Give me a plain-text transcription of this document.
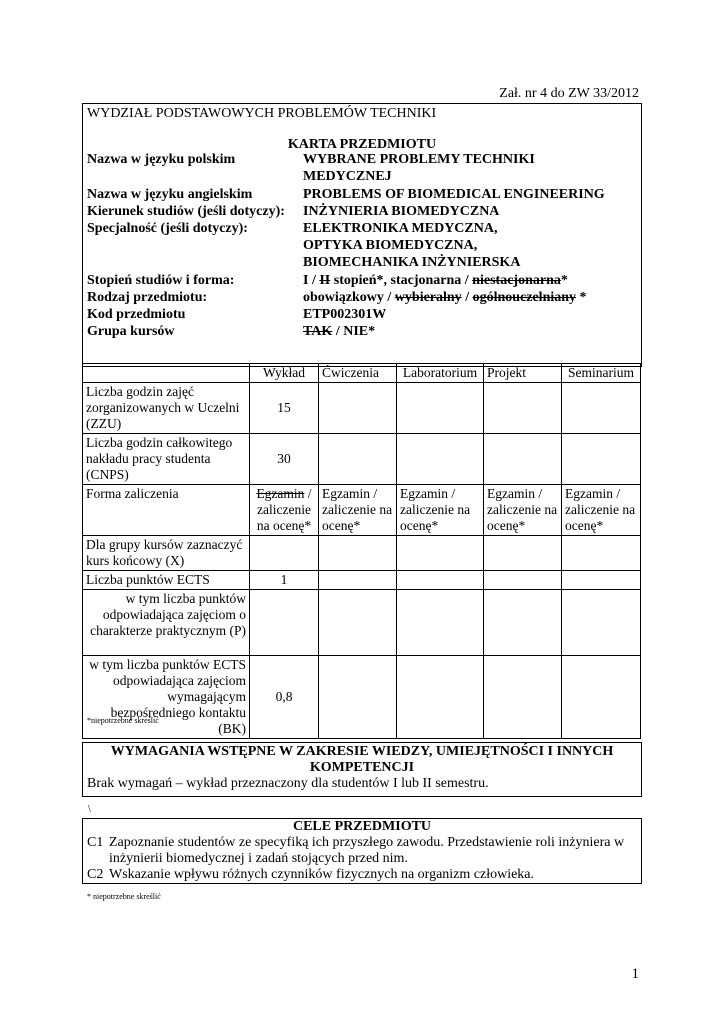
Zał. nr 4 do ZW 33/2012
WYDZIAŁ PODSTAWOWYCH PROBLEMÓW TECHNIKI
KARTA PRZEDMIOTU
Nazwa w języku polskim	WYBRANE PROBLEMY TECHNIKI
MEDYCZNEJ
Nazwa w języku angielskim	PROBLEMS OF BIOMEDICAL ENGINEERING
Kierunek studiów (jeśli dotyczy): INŻYNIERIA BIOMEDYCZNA
Specjalność (jeśli dotyczy):	ELEKTRONIKA MEDYCZNA,
OPTYKA BIOMEDYCZNA,
BIOMECHANIKA INŻYNIERSKA
Stopień studiów i forma:	I / II stopień*, stacjonarna / niestacjonarna*
Rodzaj przedmiotu:	obowiązkowy / wybieralny / ogólnouczelniany *
Kod przedmiotu	ETP002301W
Grupa kursów	TAK / NIE*
	Wykład	Ćwiczenia	Laboratorium	Projekt	Seminarium
Liczba godzin zajęć zorganizowanych w Uczelni (ZZU)	15				
Liczba godzin całkowitego nakładu pracy studenta (CNPS)	30				
Forma zaliczenia	Egzamin / zaliczenie na ocenę*	Egzamin / zaliczenie na ocenę*	Egzamin / zaliczenie na ocenę*	Egzamin / zaliczenie na ocenę*	Egzamin / zaliczenie na ocenę*
Dla grupy kursów zaznaczyć kurs końcowy (X)					
Liczba punktów ECTS	1				
w tym liczba punktów odpowiadająca zajęciom o charakterze praktycznym (P)					
w tym liczba punktów ECTS odpowiadająca zajęciom wymagającym bezpośredniego kontaktu (BK)	0,8				
*niepotrzebne skreślić
WYMAGANIA WSTĘPNE W ZAKRESIE WIEDZY, UMIEJĘTNOŚCI I INNYCH KOMPETENCJI
Brak wymagań – wykład przeznaczony dla studentów I lub II semestru.
\
CELE PRZEDMIOTU
C1 Zapoznanie studentów ze specyfiką ich przyszłego zawodu. Przedstawienie roli inżyniera w inżynierii biomedycznej i zadań stojących przed nim.
C2 Wskazanie wpływu różnych czynników fizycznych na organizm człowieka.
* niepotrzebne skreślić
1
